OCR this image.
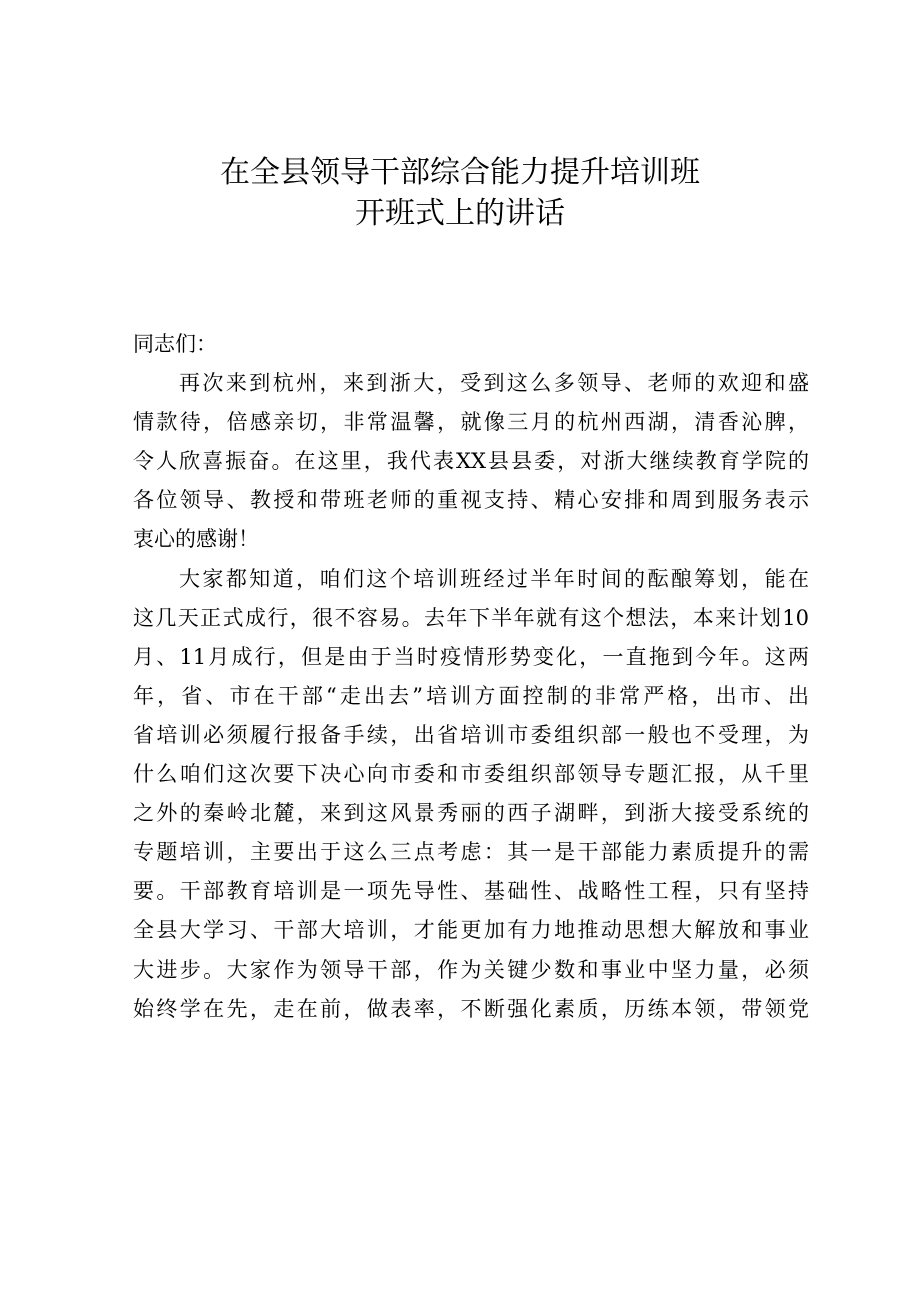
在全县领导干部综合能力提升培训班
开班式上的讲话
同志们：
再次来到杭州，来到浙大，受到这么多领导、老师的欢迎和盛
情款待，倍感亲切，非常温馨，就像三月的杭州西湖，清香沁脾，
令人欣喜振奋。在这里，我代表XX县县委，对浙大继续教育学院的
各位领导、教授和带班老师的重视支持、精心安排和周到服务表示
衷心的感谢！
大家都知道，咱们这个培训班经过半年时间的酝酿筹划，能在
这几天正式成行，很不容易。去年下半年就有这个想法，本来计划10
月、11月成行，但是由于当时疫情形势变化，一直拖到今年。这两
年，省、市在干部“走出去”培训方面控制的非常严格，出市、出
省培训必须履行报备手续，出省培训市委组织部一般也不受理，为
什么咱们这次要下决心向市委和市委组织部领导专题汇报，从千里
之外的秦岭北麓，来到这风景秀丽的西子湖畔，到浙大接受系统的
专题培训，主要出于这么三点考虑：其一是干部能力素质提升的需
要。干部教育培训是一项先导性、基础性、战略性工程，只有坚持
全县大学习、干部大培训，才能更加有力地推动思想大解放和事业
大进步。大家作为领导干部，作为关键少数和事业中坚力量，必须
始终学在先，走在前，做表率，不断强化素质，历练本领，带领党
